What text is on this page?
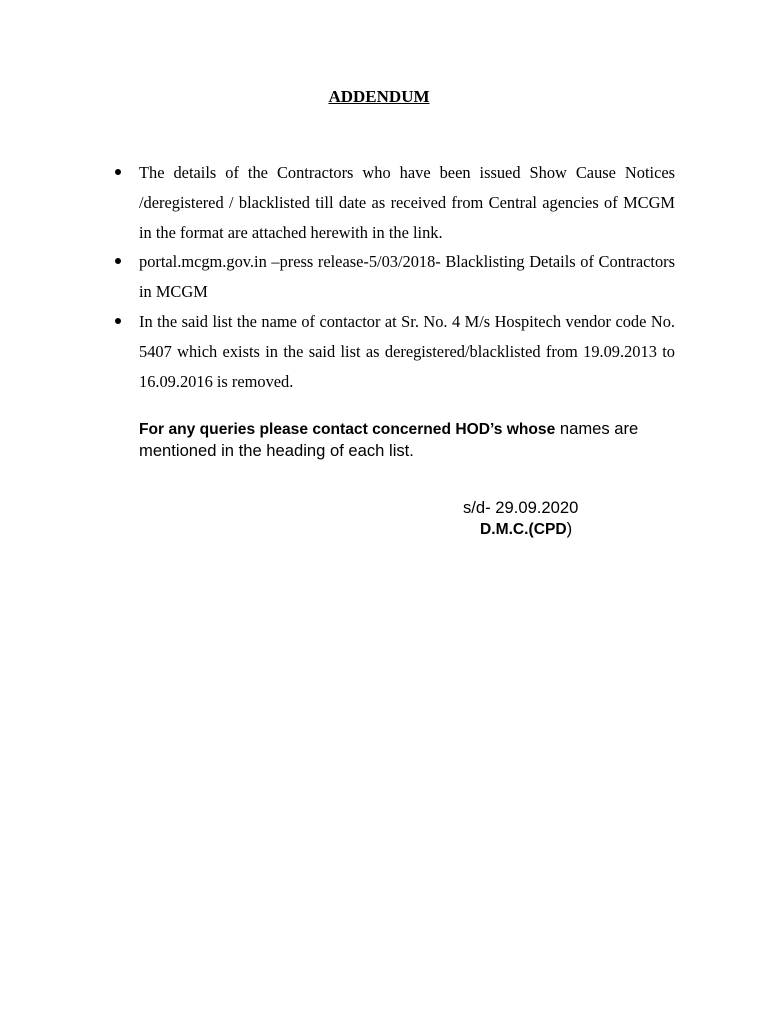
ADDENDUM
The details of the Contractors who have been issued Show Cause Notices /deregistered / blacklisted till date as received from Central agencies of MCGM in the format are attached herewith in the link.
portal.mcgm.gov.in –press release-5/03/2018- Blacklisting Details of Contractors in MCGM
In the said list the name of contactor at Sr. No. 4 M/s Hospitech vendor code No. 5407 which exists in the said list as deregistered/blacklisted from 19.09.2013 to 16.09.2016 is removed.
For any queries please contact concerned HOD’s whose names are mentioned in the heading of each list.
s/d- 29.09.2020
D.M.C.(CPD)
